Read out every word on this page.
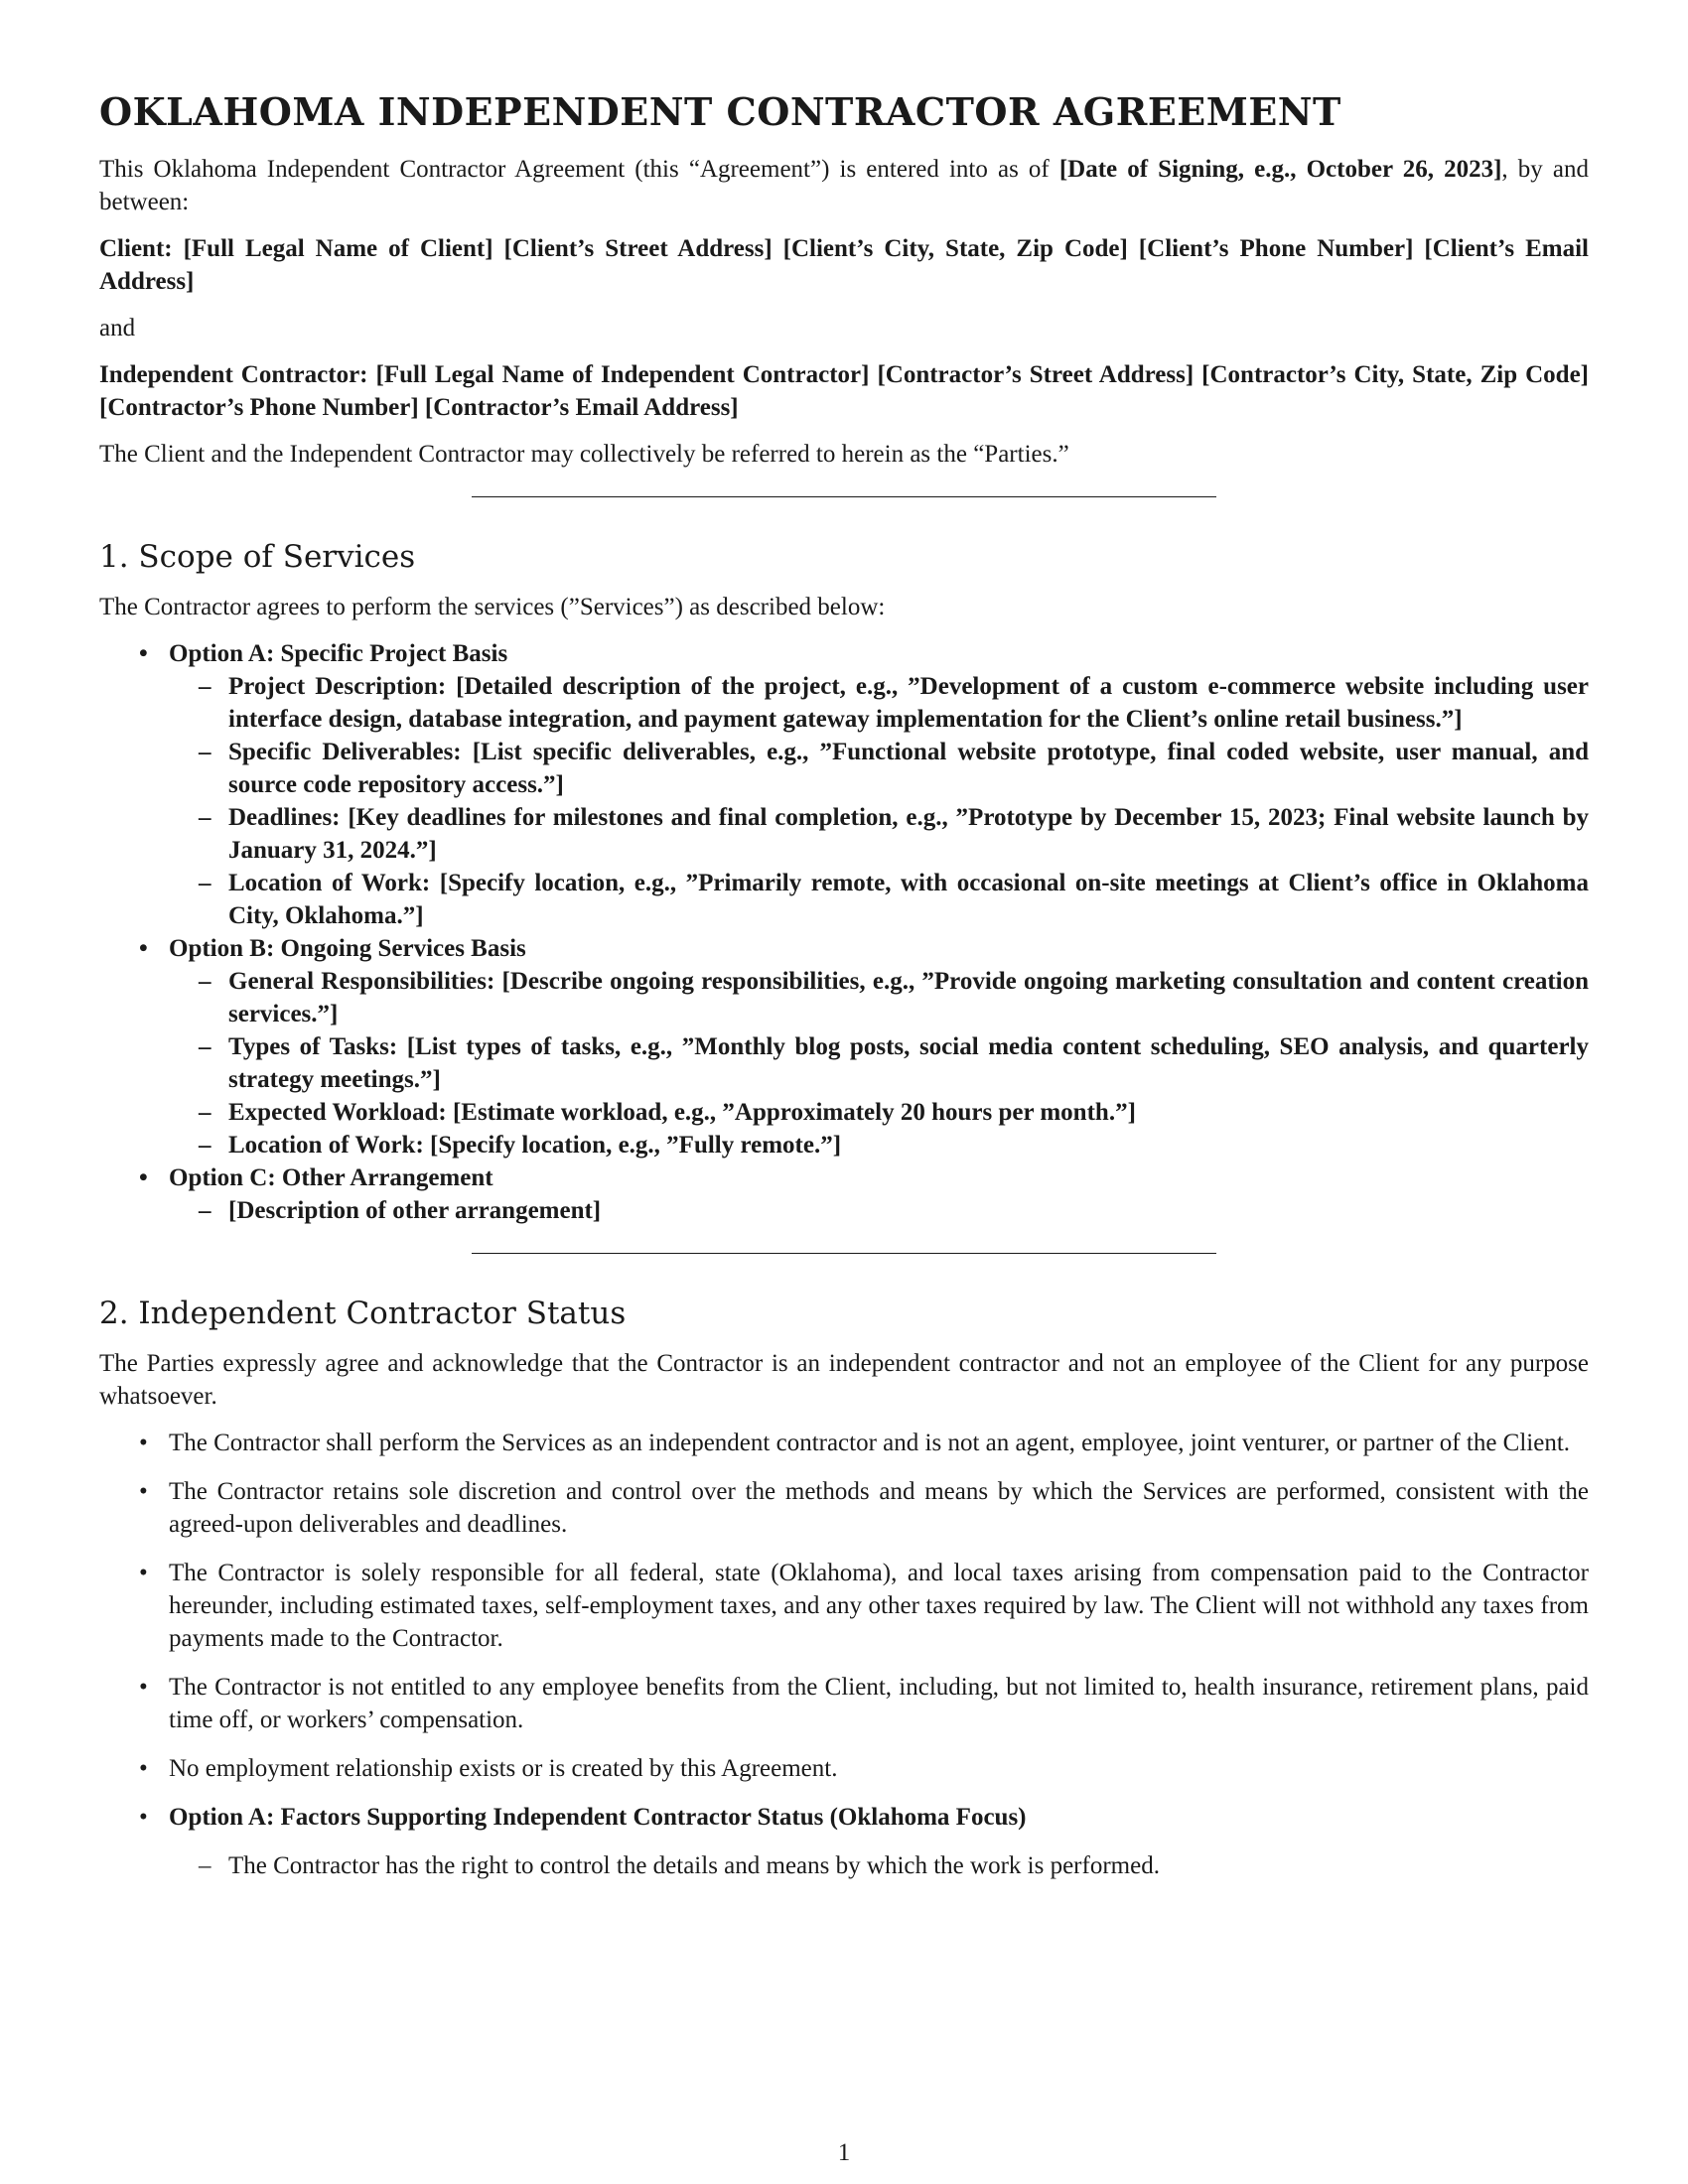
OKLAHOMA INDEPENDENT CONTRACTOR AGREEMENT

This Oklahoma Independent Contractor Agreement (this “Agreement”) is entered into as of [Date of Signing, e.g., October 26, 2023], by and between:

Client: [Full Legal Name of Client] [Client’s Street Address] [Client’s City, State, Zip Code] [Client’s Phone Number] [Client’s Email Address]

and

Independent Contractor: [Full Legal Name of Independent Contractor] [Contractor’s Street Address] [Contractor’s City, State, Zip Code] [Contractor’s Phone Number] [Contractor’s Email Address]

The Client and the Independent Contractor may collectively be referred to herein as the “Parties.”

1. Scope of Services

The Contractor agrees to perform the services (”Services”) as described below:

• Option A: Specific Project Basis
– Project Description: [Detailed description of the project, e.g., ”Development of a custom e-commerce website including user interface design, database integration, and payment gateway implementation for the Client’s online retail business.”]
– Specific Deliverables: [List specific deliverables, e.g., ”Functional website prototype, final coded website, user manual, and source code repository access.”]
– Deadlines: [Key deadlines for milestones and final completion, e.g., ”Prototype by December 15, 2023; Final website launch by January 31, 2024.”]
– Location of Work: [Specify location, e.g., ”Primarily remote, with occasional on-site meetings at Client’s office in Oklahoma City, Oklahoma.”]
• Option B: Ongoing Services Basis
– General Responsibilities: [Describe ongoing responsibilities, e.g., ”Provide ongoing marketing consultation and content creation services.”]
– Types of Tasks: [List types of tasks, e.g., ”Monthly blog posts, social media content scheduling, SEO analysis, and quarterly strategy meetings.”]
– Expected Workload: [Estimate workload, e.g., ”Approximately 20 hours per month.”]
– Location of Work: [Specify location, e.g., ”Fully remote.”]
• Option C: Other Arrangement
– [Description of other arrangement]
2. Independent Contractor Status

The Parties expressly agree and acknowledge that the Contractor is an independent contractor and not an employee of the Client for any purpose whatsoever.

• The Contractor shall perform the Services as an independent contractor and is not an agent, employee, joint venturer, or partner of the Client.
• The Contractor retains sole discretion and control over the methods and means by which the Services are performed, consistent with the agreed-upon deliverables and deadlines.
• The Contractor is solely responsible for all federal, state (Oklahoma), and local taxes arising from compensation paid to the Contractor hereunder, including estimated taxes, self-employment taxes, and any other taxes required by law. The Client will not withhold any taxes from payments made to the Contractor.
• The Contractor is not entitled to any employee benefits from the Client, including, but not limited to, health insurance, retirement plans, paid time off, or workers’ compensation.
• No employment relationship exists or is created by this Agreement.
• Option A: Factors Supporting Independent Contractor Status (Oklahoma Focus)
– The Contractor has the right to control the details and means by which the work is performed.
1
